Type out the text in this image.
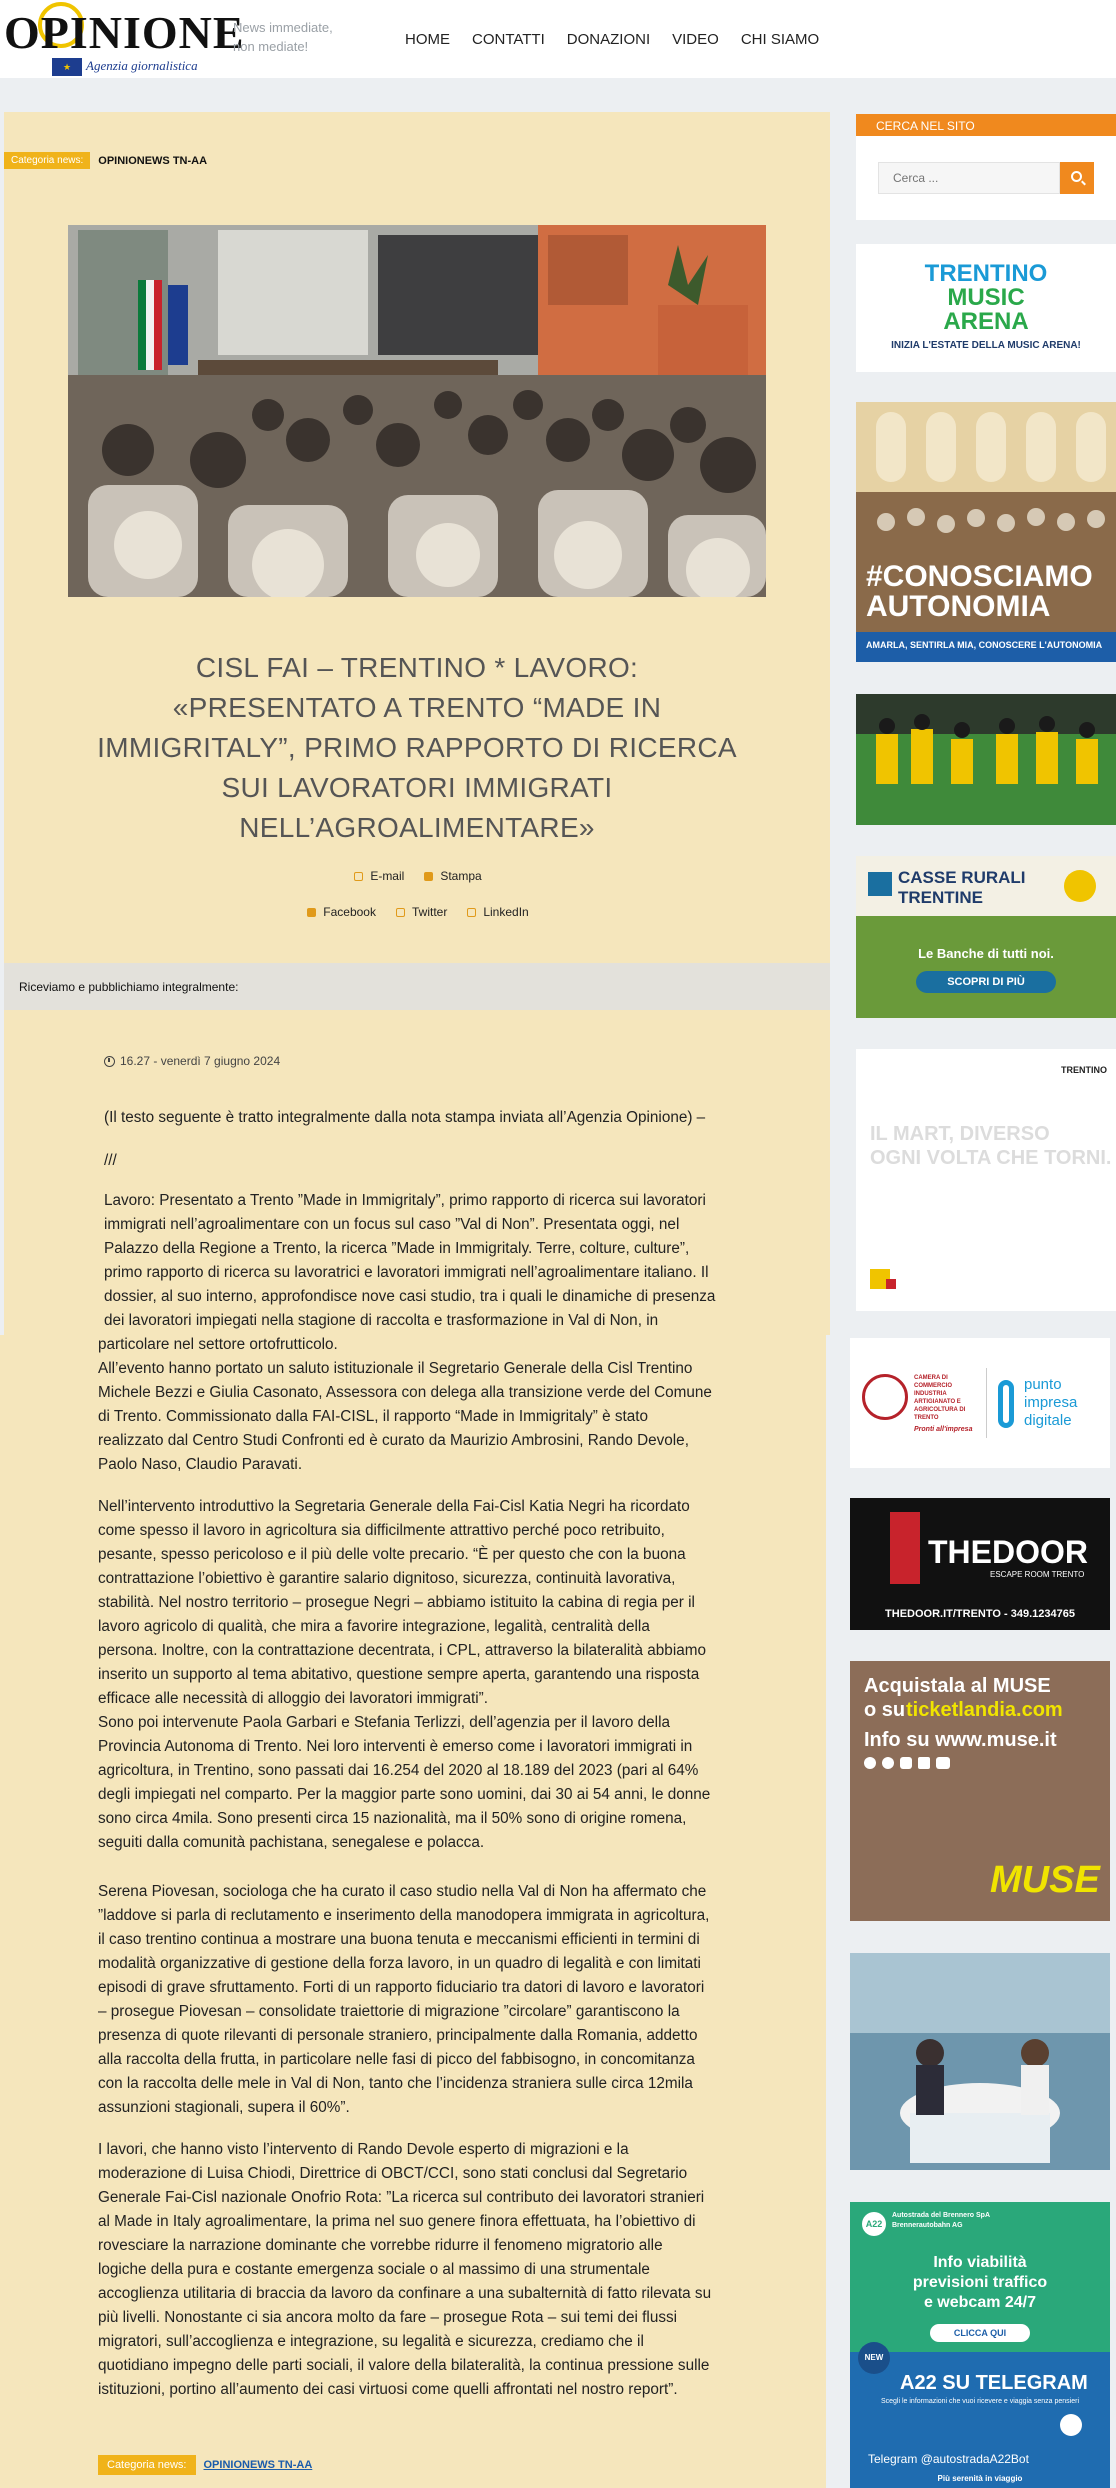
OPINIONE
★	Agenzia giornalistica
News immediate,
non mediate!	HOME CONTATTI DONAZIONI VIDEO CHI SIAMO
Categoria news:	OPINIONEWS TN-AA
CISL FAI – TRENTINO * LAVORO:
«PRESENTATO A TRENTO “MADE IN
IMMIGRITALY”, PRIMO RAPPORTO DI RICERCA
SUI LAVORATORI IMMIGRATI
NELL’AGROALIMENTARE»
E-mail	Stampa
Facebook	Twitter	LinkedIn
Riceviamo e pubblichiamo integralmente:
16.27 - venerdì 7 giugno 2024
(Il testo seguente è tratto integralmente dalla nota stampa inviata all’Agenzia Opinione) –
///
Lavoro: Presentato a Trento ”Made in Immigritaly”, primo rapporto di ricerca sui lavoratori
immigrati nell’agroalimentare con un focus sul caso ”Val di Non”. Presentata oggi, nel
Palazzo della Regione a Trento, la ricerca ”Made in Immigritaly. Terre, colture, culture”,
primo rapporto di ricerca su lavoratrici e lavoratori immigrati nell’agroalimentare italiano. Il
dossier, al suo interno, approfondisce nove casi studio, tra i quali le dinamiche di presenza
dei lavoratori impiegati nella stagione di raccolta e trasformazione in Val di Non, in
particolare nel settore ortofrutticolo.
All’evento hanno portato un saluto istituzionale il Segretario Generale della Cisl Trentino
Michele Bezzi e Giulia Casonato, Assessora con delega alla transizione verde del Comune
di Trento. Commissionato dalla FAI-CISL, il rapporto “Made in Immigritaly” è stato
realizzato dal Centro Studi Confronti ed è curato da Maurizio Ambrosini, Rando Devole,
Paolo Naso, Claudio Paravati.
Nell’intervento introduttivo la Segretaria Generale della Fai-Cisl Katia Negri ha ricordato
come spesso il lavoro in agricoltura sia difficilmente attrattivo perché poco retribuito,
pesante, spesso pericoloso e il più delle volte precario. “È per questo che con la buona
contrattazione l’obiettivo è garantire salario dignitoso, sicurezza, continuità lavorativa,
stabilità. Nel nostro territorio – prosegue Negri – abbiamo istituito la cabina di regia per il
lavoro agricolo di qualità, che mira a favorire integrazione, legalità, centralità della
persona. Inoltre, con la contrattazione decentrata, i CPL, attraverso la bilateralità abbiamo
inserito un supporto al tema abitativo, questione sempre aperta, garantendo una risposta
efficace alle necessità di alloggio dei lavoratori immigrati”.
Sono poi intervenute Paola Garbari e Stefania Terlizzi, dell’agenzia per il lavoro della
Provincia Autonoma di Trento. Nei loro interventi è emerso come i lavoratori immigrati in
agricoltura, in Trentino, sono passati dai 16.254 del 2020 al 18.189 del 2023 (pari al 64%
degli impiegati nel comparto. Per la maggior parte sono uomini, dai 30 ai 54 anni, le donne
sono circa 4mila. Sono presenti circa 15 nazionalità, ma il 50% sono di origine romena,
seguiti dalla comunità pachistana, senegalese e polacca.
Serena Piovesan, sociologa che ha curato il caso studio nella Val di Non ha affermato che
”laddove si parla di reclutamento e inserimento della manodopera immigrata in agricoltura,
il caso trentino continua a mostrare una buona tenuta e meccanismi efficienti in termini di
modalità organizzative di gestione della forza lavoro, in un quadro di legalità e con limitati
episodi di grave sfruttamento. Forti di un rapporto fiduciario tra datori di lavoro e lavoratori
– prosegue Piovesan – consolidate traiettorie di migrazione ”circolare” garantiscono la
presenza di quote rilevanti di personale straniero, principalmente dalla Romania, addetto
alla raccolta della frutta, in particolare nelle fasi di picco del fabbisogno, in concomitanza
con la raccolta delle mele in Val di Non, tanto che l’incidenza straniera sulle circa 12mila
assunzioni stagionali, supera il 60%”.
I lavori, che hanno visto l’intervento di Rando Devole esperto di migrazioni e la
moderazione di Luisa Chiodi, Direttrice di OBCT/CCI, sono stati conclusi dal Segretario
Generale Fai-Cisl nazionale Onofrio Rota: ”La ricerca sul contributo dei lavoratori stranieri
al Made in Italy agroalimentare, la prima nel suo genere finora effettuata, ha l’obiettivo di
rovesciare la narrazione dominante che vorrebbe ridurre il fenomeno migratorio alle
logiche della pura e costante emergenza sociale o al massimo di una strumentale
accoglienza utilitaria di braccia da lavoro da confinare a una subalternità di fatto rilevata su
più livelli. Nonostante ci sia ancora molto da fare – prosegue Rota – sui temi dei flussi
migratori, sull’accoglienza e integrazione, su legalità e sicurezza, crediamo che il
quotidiano impegno delle parti sociali, il valore della bilateralità, la continua pressione sulle
istituzioni, portino all’aumento dei casi virtuosi come quelli affrontati nel nostro report”.
Categoria news:	OPINIONEWS TN-AA
CERCA NEL SITO
Cerca ...
TRENTINO
MUSIC
ARENA
INIZIA L'ESTATE DELLA MUSIC ARENA!
#CONOSCIAMO AUTONOMIA
AMARLA, SENTIRLA MIA, CONOSCERE L'AUTONOMIA
CASSE RURALI
TRENTINE
Le Banche di tutti noi.
SCOPRI DI PIÙ
TRENTINO
IL MART, DIVERSO
OGNI VOLTA CHE TORNI.
CAMERA DI COMMERCIO INDUSTRIA ARTIGIANATO E AGRICOLTURA DI TRENTO
Pronti all'impresa
punto
impresa
digitale
THEDOOR
ESCAPE ROOM TRENTO
THEDOOR.IT/TRENTO - 349.1234765
Acquistala al MUSE
o su ticketlandia.com
Info su www.muse.it
MUSE
A22
Autostrada del Brennero SpA
Brennerautobahn AG
Info viabilità
previsioni traffico
e webcam 24/7
CLICCA QUI
NEW
A22 SU TELEGRAM
Scegli le informazioni che vuoi ricevere e viaggia senza pensieri
Telegram @autostradaA22Bot
Più serenità in viaggio
